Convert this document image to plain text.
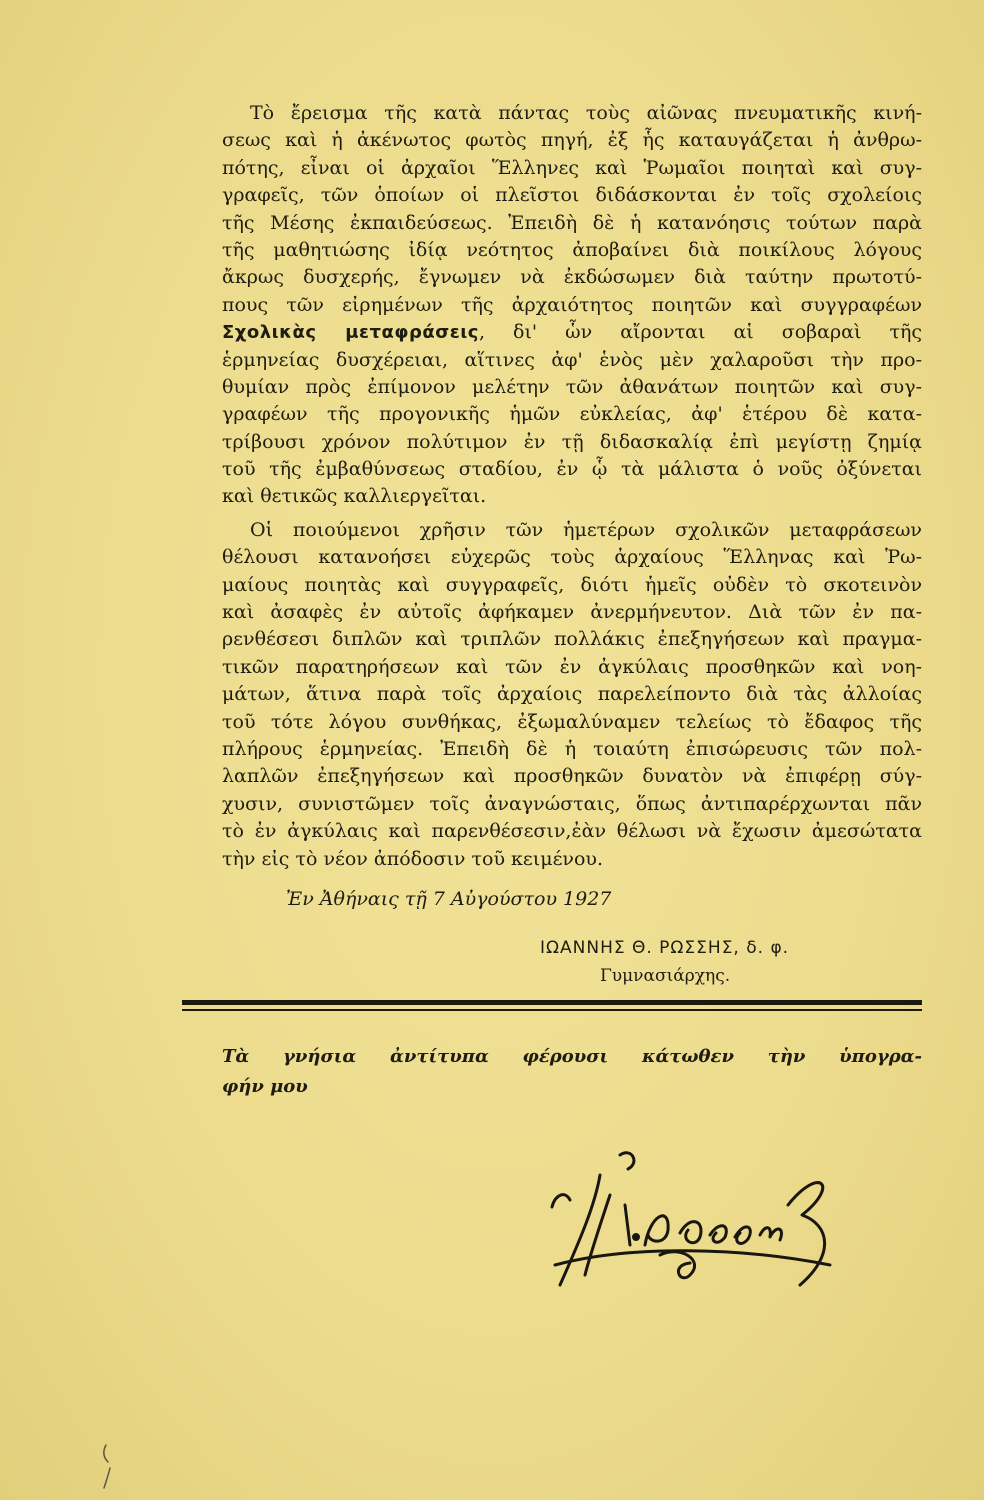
Τὸ ἔρεισμα τῆς κατὰ πάντας τοὺς αἰῶνας πνευματικῆς κινή-
σεως καὶ ἡ ἀκένωτος φωτὸς πηγή, ἐξ ἧς καταυγάζεται ἡ ἀνθρω-
πότης, εἶναι οἱ ἀρχαῖοι Ἕλληνες καὶ Ῥωμαῖοι ποιηταὶ καὶ συγ-
γραφεῖς, τῶν ὁποίων οἱ πλεῖστοι διδάσκονται ἐν τοῖς σχολείοις
τῆς Μέσης ἐκπαιδεύσεως. Ἐπειδὴ δὲ ἡ κατανόησις τούτων παρὰ
τῆς μαθητιώσης ἰδίᾳ νεότητος ἀποβαίνει διὰ ποικίλους λόγους
ἄκρως δυσχερής, ἔγνωμεν νὰ ἐκδώσωμεν διὰ ταύτην πρωτοτύ-
πους τῶν εἰρημένων τῆς ἀρχαιότητος ποιητῶν καὶ συγγραφέων
Σχολικὰς μεταφράσεις, δι' ὧν αἴρονται αἱ σοβαραὶ τῆς
ἑρμηνείας δυσχέρειαι, αἵτινες ἀφ' ἑνὸς μὲν χαλαροῦσι τὴν προ-
θυμίαν πρὸς ἐπίμονον μελέτην τῶν ἀθανάτων ποιητῶν καὶ συγ-
γραφέων τῆς προγονικῆς ἡμῶν εὐκλείας, ἀφ' ἑτέρου δὲ κατα-
τρίβουσι χρόνον πολύτιμον ἐν τῇ διδασκαλίᾳ ἐπὶ μεγίστῃ ζημίᾳ
τοῦ τῆς ἐμβαθύνσεως σταδίου, ἐν ᾧ τὰ μάλιστα ὁ νοῦς ὀξύνεται
καὶ θετικῶς καλλιεργεῖται.
Οἱ ποιούμενοι χρῆσιν τῶν ἡμετέρων σχολικῶν μεταφράσεων
θέλουσι κατανοήσει εὐχερῶς τοὺς ἀρχαίους Ἕλληνας καὶ Ῥω-
μαίους ποιητὰς καὶ συγγραφεῖς, διότι ἡμεῖς οὐδὲν τὸ σκοτεινὸν
καὶ ἀσαφὲς ἐν αὐτοῖς ἀφήκαμεν ἀνερμήνευτον. Διὰ τῶν ἐν πα-
ρενθέσεσι διπλῶν καὶ τριπλῶν πολλάκις ἐπεξηγήσεων καὶ πραγμα-
τικῶν παρατηρήσεων καὶ τῶν ἐν ἀγκύλαις προσθηκῶν καὶ νοη-
μάτων, ἅτινα παρὰ τοῖς ἀρχαίοις παρελείποντο διὰ τὰς ἀλλοίας
τοῦ τότε λόγου συνθήκας, ἐξωμαλύναμεν τελείως τὸ ἔδαφος τῆς
πλήρους ἑρμηνείας. Ἐπειδὴ δὲ ἡ τοιαύτη ἐπισώρευσις τῶν πολ-
λαπλῶν ἐπεξηγήσεων καὶ προσθηκῶν δυνατὸν νὰ ἐπιφέρῃ σύγ-
χυσιν, συνιστῶμεν τοῖς ἀναγνώσταις, ὅπως ἀντιπαρέρχωνται πᾶν
τὸ ἐν ἀγκύλαις καὶ παρενθέσεσιν,ἐὰν θέλωσι νὰ ἔχωσιν ἀμεσώτατα
τὴν εἰς τὸ νέον ἀπόδοσιν τοῦ κειμένου.
Ἐν Ἀθήναις τῇ 7 Αὐγούστου 1927
ΙΩΑΝΝΗΣ Θ. ΡΩΣΣΗΣ, δ. φ.
Γυμνασιάρχης.
Τὰ γνήσια ἀντίτυπα φέρουσι κάτωθεν τὴν ὑπογρα-
φήν μου
